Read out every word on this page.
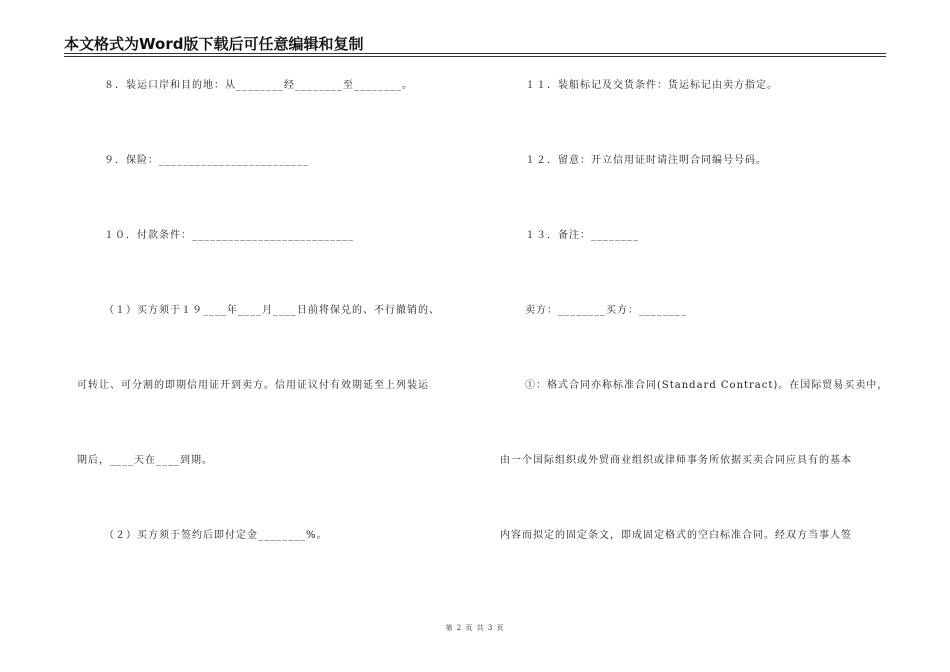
本文格式为Word版下载后可任意编辑和复制
８．装运口岸和目的地：从________经________至________。
９．保险：_________________________
１０．付款条件：___________________________
（１）买方须于１９____年____月____日前将保兑的、不行撤销的、
可转让、可分割的即期信用证开到卖方。信用证议付有效期延至上列装运
期后，____天在____到期。
（２）买方须于签约后即付定金________%。
１１．装船标记及交货条件：货运标记由卖方指定。
１２．留意：开立信用证时请注明合同编号号码。
１３．备注：________
卖方：________买方：________
①：格式合同亦称标准合同(Standard Contract)。在国际贸易买卖中，
由一个国际组织或外贸商业组织或律师事务所依据买卖合同应具有的基本
内容而拟定的固定条文，即成固定格式的空白标准合同。经双方当事人签
第 2 页 共 3 页
